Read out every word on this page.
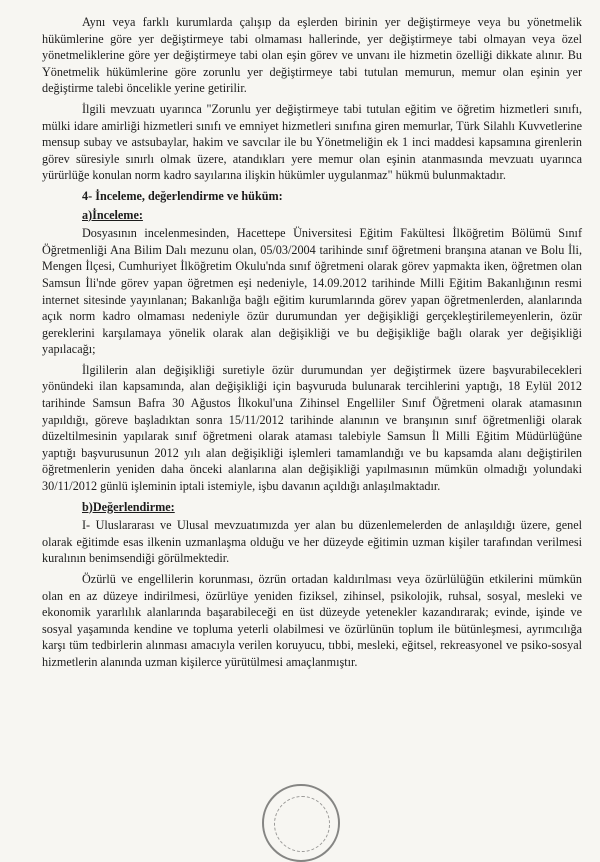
Aynı veya farklı kurumlarda çalışıp da eşlerden birinin yer değiştirmeye veya bu yönetmelik hükümlerine göre yer değiştirmeye tabi olmaması hallerinde, yer değiştirmeye tabi olmayan veya özel yönetmeliklerine göre yer değiştirmeye tabi olan eşin görev ve unvanı ile hizmetin özelliği dikkate alınır. Bu Yönetmelik hükümlerine göre zorunlu yer değiştirmeye tabi tutulan memurun, memur olan eşinin yer değiştirme talebi öncelikle yerine getirilir.

İlgili mevzuatı uyarınca "Zorunlu yer değiştirmeye tabi tutulan eğitim ve öğretim hizmetleri sınıfı, mülki idare amirliği hizmetleri sınıfı ve emniyet hizmetleri sınıfına giren memurlar, Türk Silahlı Kuvvetlerine mensup subay ve astsubaylar, hakim ve savcılar ile bu Yönetmeliğin ek 1 inci maddesi kapsamına girenlerin görev süresiyle sınırlı olmak üzere, atandıkları yere memur olan eşinin atanmasında mevzuatı uyarınca yürürlüğe konulan norm kadro sayılarına ilişkin hükümler uygulanmaz" hükmü bulunmaktadır.

4- İnceleme, değerlendirme ve hüküm:

a)İnceleme:

Dosyasının incelenmesinden, Hacettepe Üniversitesi Eğitim Fakültesi İlköğretim Bölümü Sınıf Öğretmenliği Ana Bilim Dalı mezunu olan, 05/03/2004 tarihinde sınıf öğretmeni branşına atanan ve Bolu İli, Mengen İlçesi, Cumhuriyet İlköğretim Okulu'nda sınıf öğretmeni olarak görev yapmakta iken, öğretmen olan Samsun İli'nde görev yapan öğretmen eşi nedeniyle, 14.09.2012 tarihinde Milli Eğitim Bakanlığının resmi internet sitesinde yayınlanan; Bakanlığa bağlı eğitim kurumlarında görev yapan öğretmenlerden, alanlarında açık norm kadro olmaması nedeniyle özür durumundan yer değişikliği gerçekleştirilemeyenlerin, özür gereklerini karşılamaya yönelik olarak alan değişikliği ve bu değişikliğe bağlı olarak yer değişikliği yapılacağı;

İlgililerin alan değişikliği suretiyle özür durumundan yer değiştirmek üzere başvurabilecekleri yönündeki ilan kapsamında, alan değişikliği için başvuruda bulunarak tercihlerini yaptığı, 18 Eylül 2012 tarihinde Samsun Bafra 30 Ağustos İlkokul'una Zihinsel Engelliler Sınıf Öğretmeni olarak atamasının yapıldığı, göreve başladıktan sonra 15/11/2012 tarihinde alanının ve branşının sınıf öğretmenliği olarak düzeltilmesinin yapılarak sınıf öğretmeni olarak ataması talebiyle Samsun İl Milli Eğitim Müdürlüğüne yaptığı başvurusunun 2012 yılı alan değişikliği işlemleri tamamlandığı ve bu kapsamda alanı değiştirilen öğretmenlerin yeniden daha önceki alanlarına alan değişikliği yapılmasının mümkün olmadığı yolundaki 30/11/2012 günlü işleminin iptali istemiyle, işbu davanın açıldığı anlaşılmaktadır.

b)Değerlendirme:

I- Uluslararası ve Ulusal mevzuatımızda yer alan bu düzenlemelerden de anlaşıldığı üzere, genel olarak eğitimde esas ilkenin uzmanlaşma olduğu ve her düzeyde eğitimin uzman kişiler tarafından verilmesi kuralının benimsendiği görülmektedir.

Özürlü ve engellilerin korunması, özrün ortadan kaldırılması veya özürlülüğün etkilerini mümkün olan en az düzeye indirilmesi, özürlüye yeniden fiziksel, zihinsel, psikolojik, ruhsal, sosyal, mesleki ve ekonomik yararlılık alanlarında başarabileceği en üst düzeyde yetenekler kazandırarak; evinde, işinde ve sosyal yaşamında kendine ve topluma yeterli olabilmesi ve özürlünün toplum ile bütünleşmesi, ayrımcılığa karşı tüm tedbirlerin alınması amacıyla verilen koruyucu, tıbbi, mesleki, eğitsel, rekreasyonel ve psiko-sosyal hizmetlerin alanında uzman kişilerce yürütülmesi amaçlanmıştır.
